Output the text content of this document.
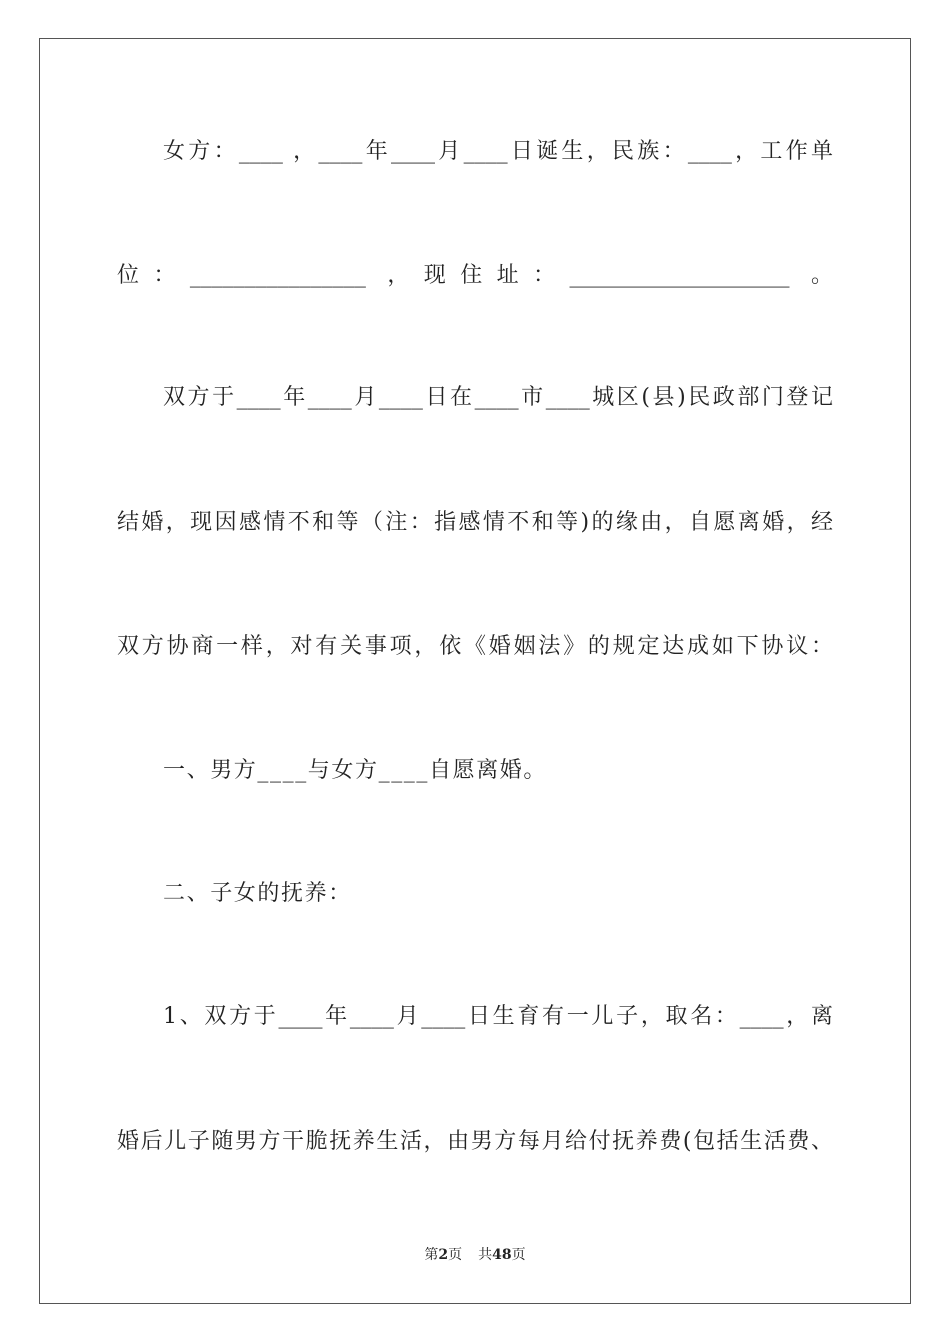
女方：____ ，____年____月____日诞生，民族：____，工作单
位：________________ ，现住址：____________________ 。
双方于____年____月____日在____市____城区(县)民政部门登记
结婚，现因感情不和等（注：指感情不和等)的缘由，自愿离婚，经
双方协商一样，对有关事项，依《婚姻法》的规定达成如下协议：
一、男方____与女方____自愿离婚。
二、子女的抚养：
1、双方于____年____月____日生育有一儿子，取名：____，离
婚后儿子随男方干脆抚养生活，由男方每月给付抚养费(包括生活费、
第2页 共48页
